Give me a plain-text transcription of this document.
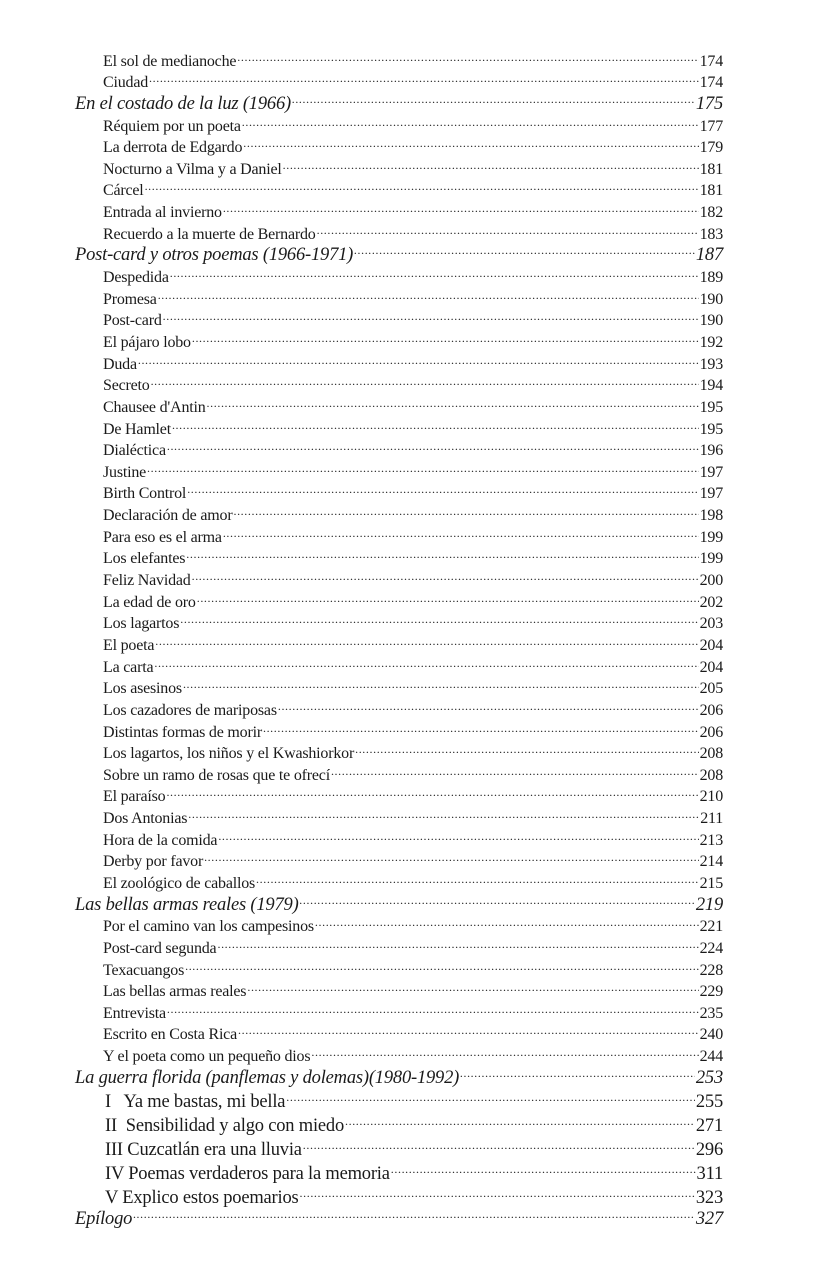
El sol de medianoche .....	174
Ciudad .....	174
En el costado de la luz (1966) .....	175
Réquiem por un poeta .....	177
La derrota de Edgardo .....	179
Nocturno a Vilma y a Daniel .....	181
Cárcel .....	181
Entrada al invierno .....	182
Recuerdo a la muerte de Bernardo .....	183
Post-card y otros poemas (1966-1971) .....	187
Despedida .....	189
Promesa .....	190
Post-card .....	190
El pájaro lobo .....	192
Duda .....	193
Secreto .....	194
Chausee d'Antin .....	195
De Hamlet .....	195
Dialéctica .....	196
Justine .....	197
Birth Control .....	197
Declaración de amor .....	198
Para eso es el arma .....	199
Los elefantes .....	199
Feliz Navidad .....	200
La edad de oro .....	202
Los lagartos .....	203
El poeta .....	204
La carta .....	204
Los asesinos .....	205
Los cazadores de mariposas .....	206
Distintas formas de morir .....	206
Los lagartos, los niños y el Kwashiorkor .....	208
Sobre un ramo de rosas que te ofrecí .....	208
El paraíso .....	210
Dos Antonias .....	211
Hora de la comida .....	213
Derby por favor .....	214
El zoológico de caballos .....	215
Las bellas armas reales (1979) .....	219
Por el camino van los campesinos .....	221
Post-card segunda .....	224
Texacuangos .....	228
Las bellas armas reales .....	229
Entrevista .....	235
Escrito en Costa Rica .....	240
Y el poeta como un pequeño dios .....	244
La guerra florida (panflemas y dolemas)(1980-1992) .....	253
I   Ya me bastas, mi bella .....	255
II  Sensibilidad y algo con miedo .....	271
III Cuzcatlán era una lluvia .....	296
IV Poemas verdaderos para la memoria .....	311
V Explico estos poemarios .....	323
Epílogo .....	327
